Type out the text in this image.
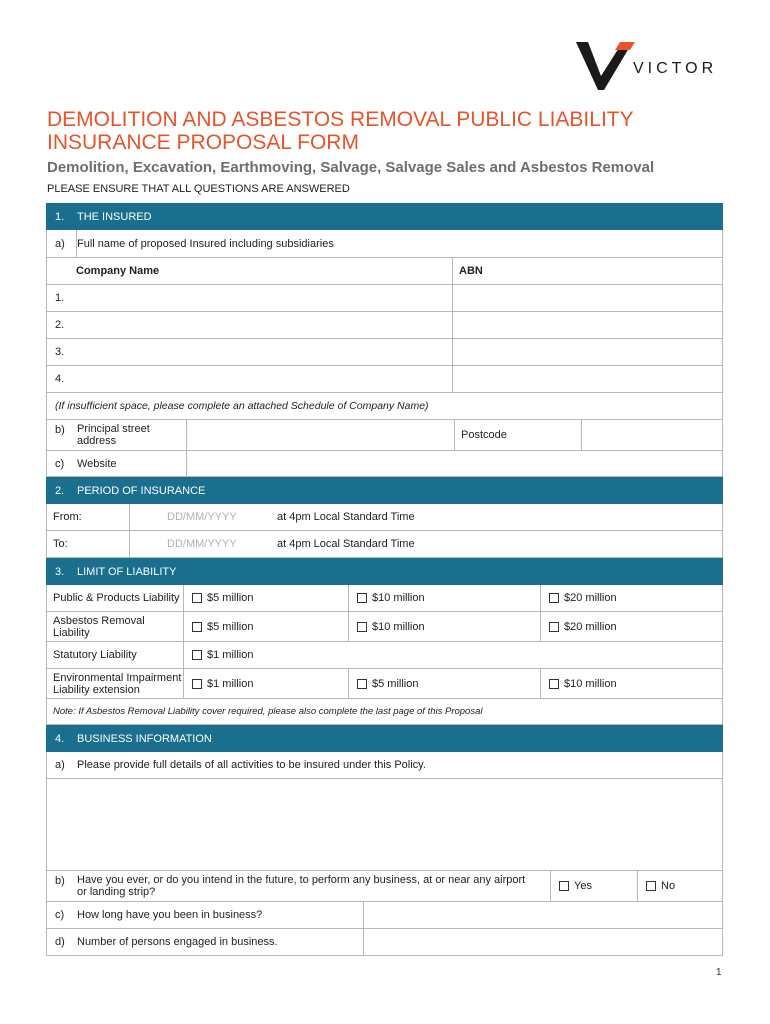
VICTOR
DEMOLITION AND ASBESTOS REMOVAL PUBLIC LIABILITY INSURANCE PROPOSAL FORM
Demolition, Excavation, Earthmoving, Salvage, Salvage Sales and Asbestos Removal
PLEASE ENSURE THAT ALL QUESTIONS ARE ANSWERED
1.	THE INSURED
a)	Full name of proposed Insured including subsidiaries
Company Name	ABN
1.
2.
3.
4.
(If insufficient space, please complete an attached Schedule of Company Name)
b)	Principal street address	Postcode
c)	Website
2.	PERIOD OF INSURANCE
From:	DD/MM/YYYY	at 4pm Local Standard Time
To:	DD/MM/YYYY	at 4pm Local Standard Time
3.	LIMIT OF LIABILITY
Public & Products Liability	$5 million	$10 million	$20 million
Asbestos Removal Liability	$5 million	$10 million	$20 million
Statutory Liability	$1 million
Environmental Impairment Liability extension	$1 million	$5 million	$10 million
Note: If Asbestos Removal Liability cover required, please also complete the last page of this Proposal
4.	BUSINESS INFORMATION
a)	Please provide full details of all activities to be insured under this Policy.
b)	Have you ever, or do you intend in the future, to perform any business, at or near any airport or landing strip?	Yes	No
c)	How long have you been in business?
d)	Number of persons engaged in business.
1
